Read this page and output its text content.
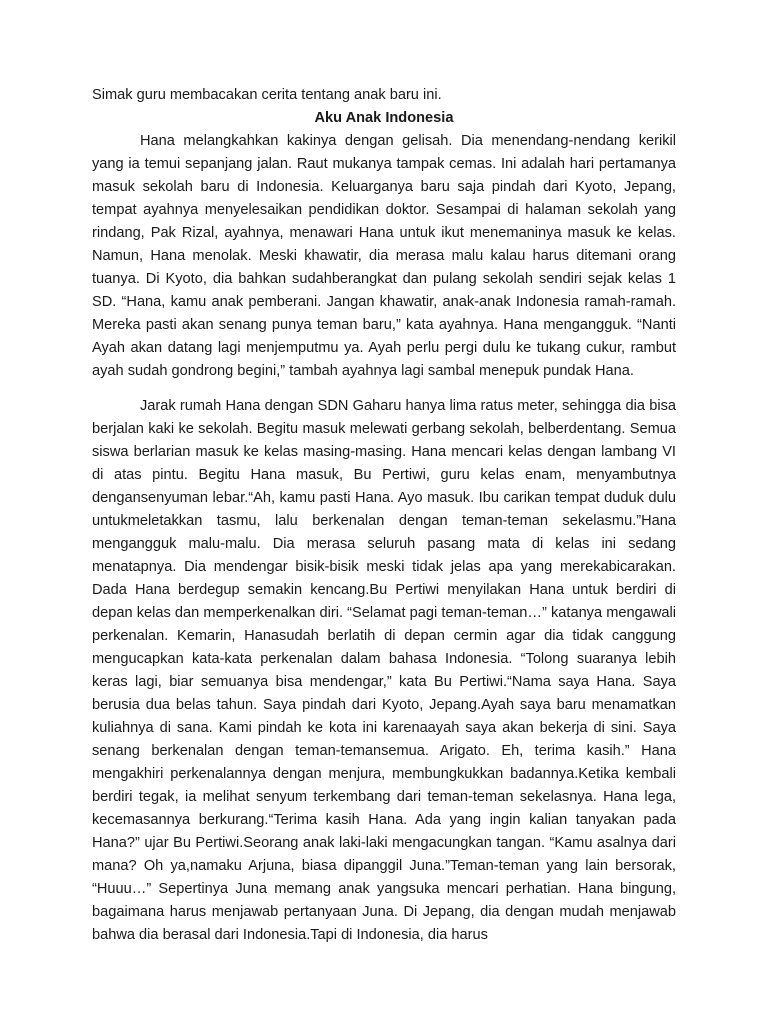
Simak guru membacakan cerita tentang anak baru ini.

Aku Anak Indonesia

Hana melangkahkan kakinya dengan gelisah. Dia menendang-nendang kerikil yang ia temui sepanjang jalan. Raut mukanya tampak cemas. Ini adalah hari pertamanya masuk sekolah baru di Indonesia. Keluarganya baru saja pindah dari Kyoto, Jepang, tempat ayahnya menyelesaikan pendidikan doktor. Sesampai di halaman sekolah yang rindang, Pak Rizal, ayahnya, menawari Hana untuk ikut menemaninya masuk ke kelas. Namun, Hana menolak. Meski khawatir, dia merasa malu kalau harus ditemani orang tuanya. Di Kyoto, dia bahkan sudahberangkat dan pulang sekolah sendiri sejak kelas 1 SD. “Hana, kamu anak pemberani. Jangan khawatir, anak-anak Indonesia ramah-ramah. Mereka pasti akan senang punya teman baru,” kata ayahnya. Hana mengangguk. “Nanti Ayah akan datang lagi menjemputmu ya. Ayah perlu pergi dulu ke tukang cukur, rambut ayah sudah gondrong begini,” tambah ayahnya lagi sambal menepuk pundak Hana.

Jarak rumah Hana dengan SDN Gaharu hanya lima ratus meter, sehingga dia bisa berjalan kaki ke sekolah. Begitu masuk melewati gerbang sekolah, belberdentang. Semua siswa berlarian masuk ke kelas masing-masing. Hana mencari kelas dengan lambang VI di atas pintu. Begitu Hana masuk, Bu Pertiwi, guru kelas enam, menyambutnya dengansenyuman lebar.“Ah, kamu pasti Hana. Ayo masuk. Ibu carikan tempat duduk dulu untukmeletakkan tasmu, lalu berkenalan dengan teman-teman sekelasmu.”Hana mengangguk malu-malu. Dia merasa seluruh pasang mata di kelas ini sedang menatapnya. Dia mendengar bisik-bisik meski tidak jelas apa yang merekabicarakan. Dada Hana berdegup semakin kencang.Bu Pertiwi menyilakan Hana untuk berdiri di depan kelas dan memperkenalkan diri. “Selamat pagi teman-teman…” katanya mengawali perkenalan. Kemarin, Hanasudah berlatih di depan cermin agar dia tidak canggung mengucapkan kata-kata perkenalan dalam bahasa Indonesia. “Tolong suaranya lebih keras lagi, biar semuanya bisa mendengar,” kata Bu Pertiwi.“Nama saya Hana. Saya berusia dua belas tahun. Saya pindah dari Kyoto, Jepang.Ayah saya baru menamatkan kuliahnya di sana. Kami pindah ke kota ini karenaayah saya akan bekerja di sini. Saya senang berkenalan dengan teman-temansemua. Arigato. Eh, terima kasih.” Hana mengakhiri perkenalannya dengan menjura, membungkukkan badannya.Ketika kembali berdiri tegak, ia melihat senyum terkembang dari teman-teman sekelasnya. Hana lega, kecemasannya berkurang.“Terima kasih Hana. Ada yang ingin kalian tanyakan pada Hana?” ujar Bu Pertiwi.Seorang anak laki-laki mengacungkan tangan. “Kamu asalnya dari mana? Oh ya,namaku Arjuna, biasa dipanggil Juna.”Teman-teman yang lain bersorak, “Huuu…” Sepertinya Juna memang anak yangsuka mencari perhatian. Hana bingung, bagaimana harus menjawab pertanyaan Juna. Di Jepang, dia dengan mudah menjawab bahwa dia berasal dari Indonesia.Tapi di Indonesia, dia harus
